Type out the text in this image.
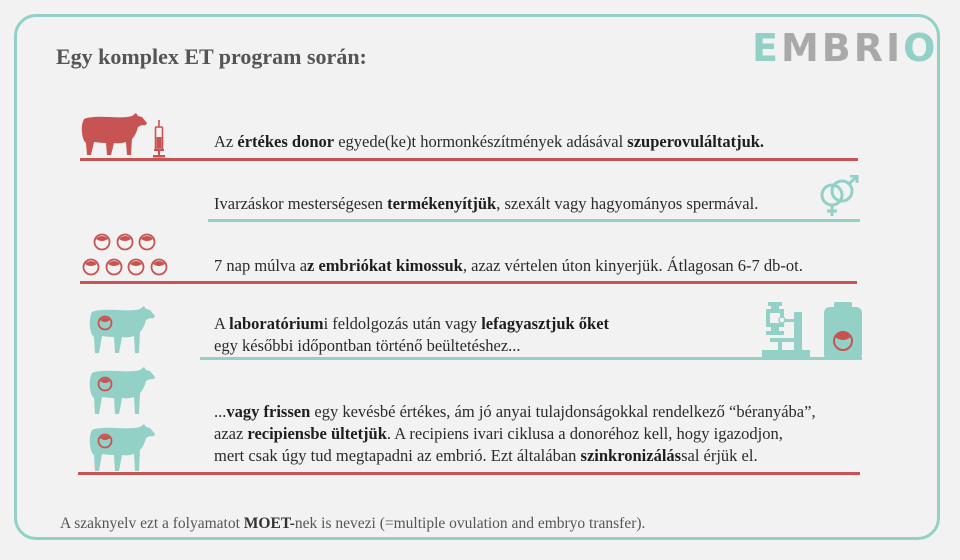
Egy komplex ET program során:	EMBRIO
Az értékes donor egyede(ke)t hormonkészítmények adásával szuperovuláltatjuk.
Ivarzáskor mesterségesen termékenyítjük, szexált vagy hagyományos spermával.
7 nap múlva az embriókat kimossuk, azaz vértelen úton kinyerjük. Átlagosan 6-7 db-ot.
A laboratóriumi feldolgozás után vagy lefagyasztjuk őket
egy későbbi időpontban történő beültetéshez...
...vagy frissen egy kevésbé értékes, ám jó anyai tulajdonságokkal rendelkező “béranyába”,
azaz recipiensbe ültetjük. A recipiens ivari ciklusa a donoréhoz kell, hogy igazodjon,
mert csak úgy tud megtapadni az embrió. Ezt általában szinkronizálással érjük el.
A szaknyelv ezt a folyamatot MOET-nek is nevezi (=multiple ovulation and embryo transfer).
